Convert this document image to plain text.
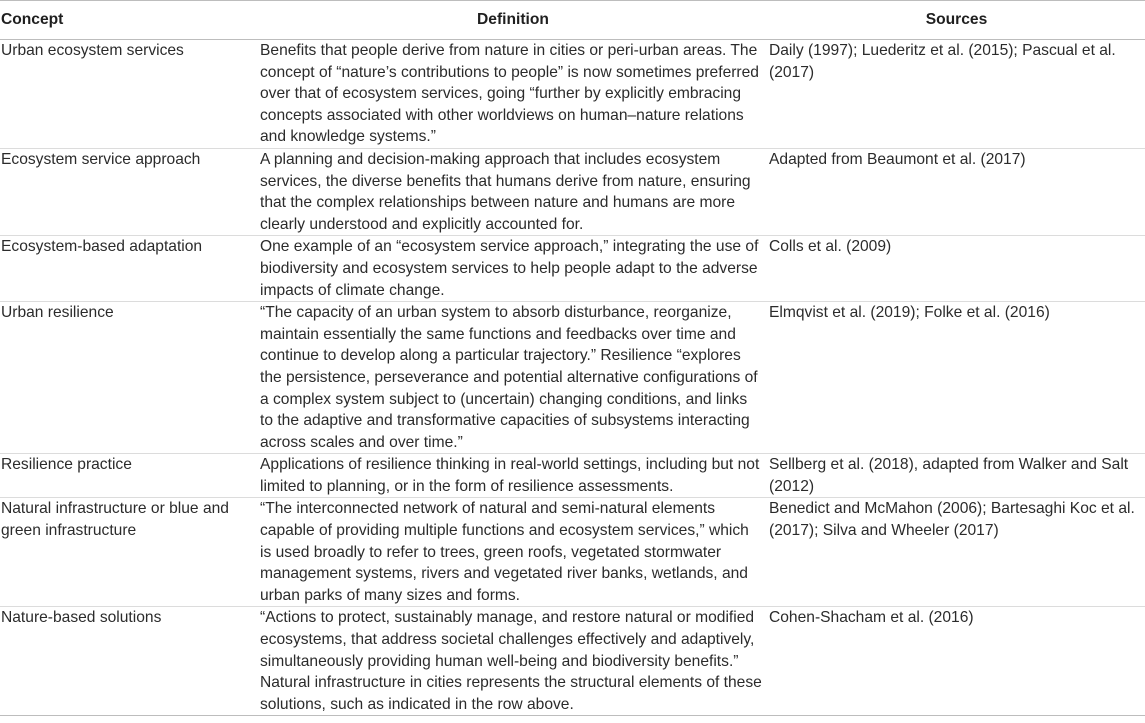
Concept	Definition	Sources

Urban ecosystem services	Benefits that people derive from nature in cities or peri-urban areas. The concept of “nature’s contributions to people” is now sometimes preferred over that of ecosystem services, going “further by explicitly embracing concepts associated with other worldviews on human–nature relations and knowledge systems.”	Daily (1997); Luederitz et al. (2015); Pascual et al. (2017)

Ecosystem service approach	A planning and decision-making approach that includes ecosystem services, the diverse benefits that humans derive from nature, ensuring that the complex relationships between nature and humans are more clearly understood and explicitly accounted for.	Adapted from Beaumont et al. (2017)

Ecosystem-based adaptation	One example of an “ecosystem service approach,” integrating the use of biodiversity and ecosystem services to help people adapt to the adverse impacts of climate change.	Colls et al. (2009)

Urban resilience	“The capacity of an urban system to absorb disturbance, reorganize, maintain essentially the same functions and feedbacks over time and continue to develop along a particular trajectory.” Resilience “explores the persistence, perseverance and potential alternative configurations of a complex system subject to (uncertain) changing conditions, and links to the adaptive and transformative capacities of subsystems interacting across scales and over time.”	Elmqvist et al. (2019); Folke et al. (2016)

Resilience practice	Applications of resilience thinking in real-world settings, including but not limited to planning, or in the form of resilience assessments.	Sellberg et al. (2018), adapted from Walker and Salt (2012)

Natural infrastructure or blue and green infrastructure	“The interconnected network of natural and semi-natural elements capable of providing multiple functions and ecosystem services,” which is used broadly to refer to trees, green roofs, vegetated stormwater management systems, rivers and vegetated river banks, wetlands, and urban parks of many sizes and forms.	Benedict and McMahon (2006); Bartesaghi Koc et al. (2017); Silva and Wheeler (2017)

Nature-based solutions	“Actions to protect, sustainably manage, and restore natural or modified ecosystems, that address societal challenges effectively and adaptively, simultaneously providing human well-being and biodiversity benefits.” Natural infrastructure in cities represents the structural elements of these solutions, such as indicated in the row above.	Cohen-Shacham et al. (2016)
